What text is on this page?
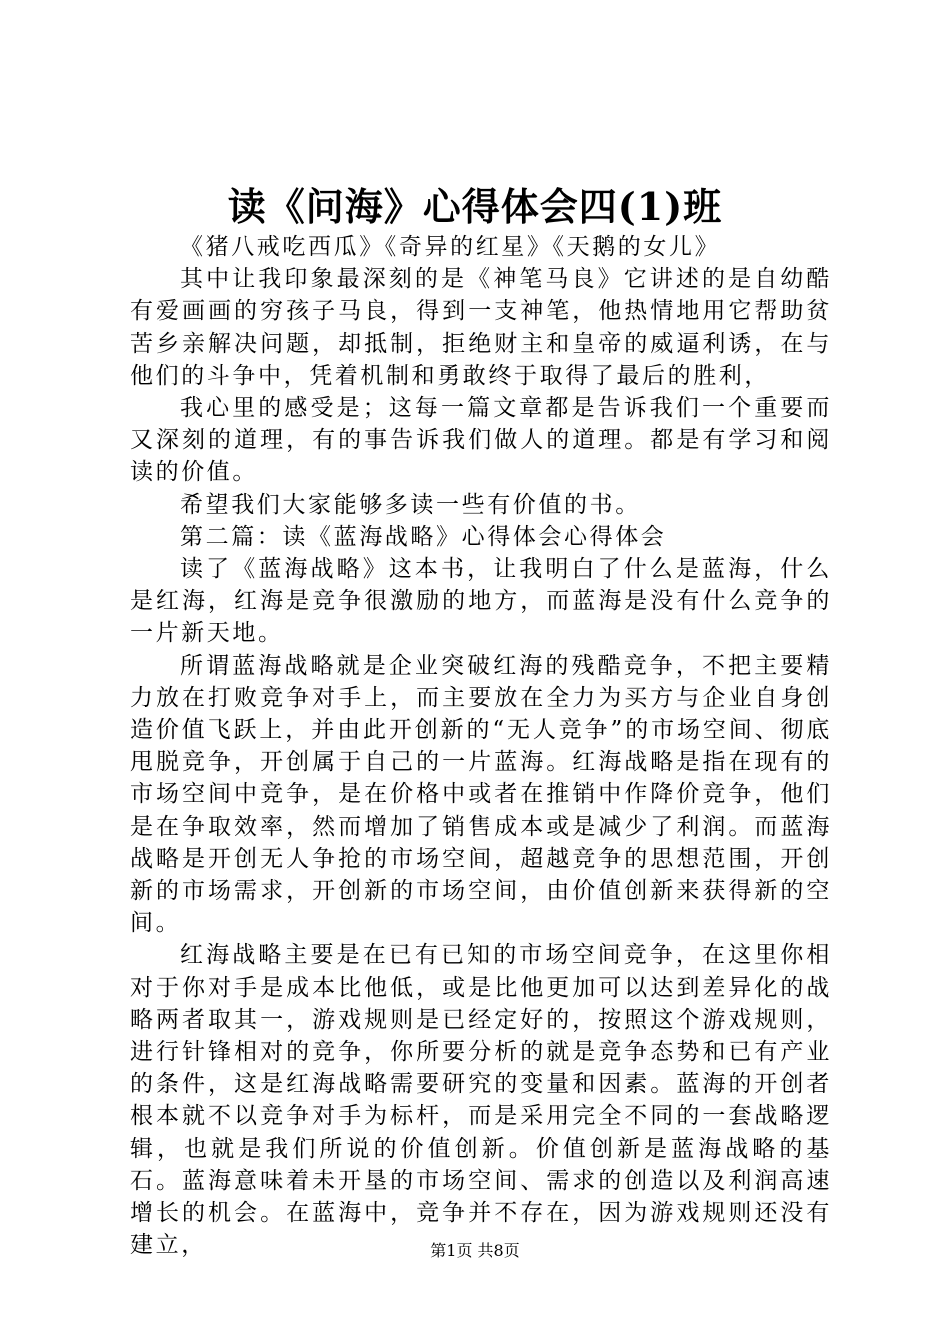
读《问海》心得体会四(1)班

《猪八戒吃西瓜》《奇异的红星》《天鹅的女儿》

其中让我印象最深刻的是《神笔马良》它讲述的是自幼酷有爱画画的穷孩子马良，得到一支神笔，他热情地用它帮助贫苦乡亲解决问题，却抵制，拒绝财主和皇帝的威逼利诱，在与他们的斗争中，凭着机制和勇敢终于取得了最后的胜利，

我心里的感受是；这每一篇文章都是告诉我们一个重要而又深刻的道理，有的事告诉我们做人的道理。都是有学习和阅读的价值。

希望我们大家能够多读一些有价值的书。

第二篇：读《蓝海战略》心得体会心得体会

读了《蓝海战略》这本书，让我明白了什么是蓝海，什么是红海，红海是竞争很激励的地方，而蓝海是没有什么竞争的一片新天地。

所谓蓝海战略就是企业突破红海的残酷竞争，不把主要精力放在打败竞争对手上，而主要放在全力为买方与企业自身创造价值飞跃上，并由此开创新的“无人竞争”的市场空间、彻底甩脱竞争，开创属于自己的一片蓝海。红海战略是指在现有的市场空间中竞争，是在价格中或者在推销中作降价竞争，他们是在争取效率，然而增加了销售成本或是减少了利润。而蓝海战略是开创无人争抢的市场空间，超越竞争的思想范围，开创新的市场需求，开创新的市场空间，由价值创新来获得新的空间。

红海战略主要是在已有已知的市场空间竞争，在这里你相对于你对手是成本比他低，或是比他更加可以达到差异化的战略两者取其一，游戏规则是已经定好的，按照这个游戏规则，进行针锋相对的竞争，你所要分析的就是竞争态势和已有产业的条件，这是红海战略需要研究的变量和因素。蓝海的开创者根本就不以竞争对手为标杆，而是采用完全不同的一套战略逻辑，也就是我们所说的价值创新。价值创新是蓝海战略的基石。蓝海意味着未开垦的市场空间、需求的创造以及利润高速增长的机会。在蓝海中，竞争并不存在，因为游戏规则还没有建立，	第1页 共8页
